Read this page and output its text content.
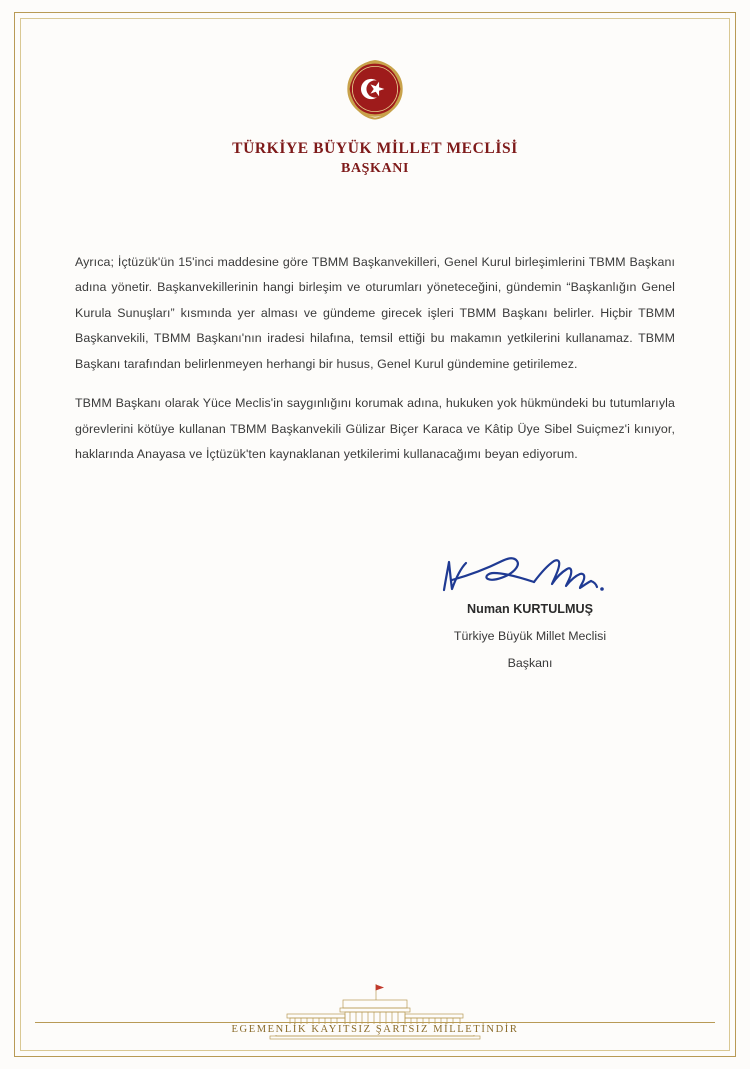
TÜRKİYE BÜYÜK MİLLET MECLİSİ
BAŞKANI

Ayrıca; İçtüzük'ün 15'inci maddesine göre TBMM Başkanvekilleri, Genel Kurul birleşimlerini TBMM Başkanı adına yönetir. Başkanvekillerinin hangi birleşim ve oturumları yöneteceğini, gündemin “Başkanlığın Genel Kurula Sunuşları” kısmında yer alması ve gündeme girecek işleri TBMM Başkanı belirler. Hiçbir TBMM Başkanvekili, TBMM Başkanı'nın iradesi hilafına, temsil ettiği bu makamın yetkilerini kullanamaz. TBMM Başkanı tarafından belirlenmeyen herhangi bir husus, Genel Kurul gündemine getirilemez.

TBMM Başkanı olarak Yüce Meclis'in saygınlığını korumak adına, hukuken yok hükmündeki bu tutumlarıyla görevlerini kötüye kullanan TBMM Başkanvekili Gülizar Biçer Karaca ve Kâtip Üye Sibel Suiçmez'i kınıyor, haklarında Anayasa ve İçtüzük'ten kaynaklanan yetkilerimi kullanacağımı beyan ediyorum.

Numan KURTULMUŞ
Türkiye Büyük Millet Meclisi
Başkanı
EGEMENLİK KAYITSIZ ŞARTSIZ MİLLETİNDİR
